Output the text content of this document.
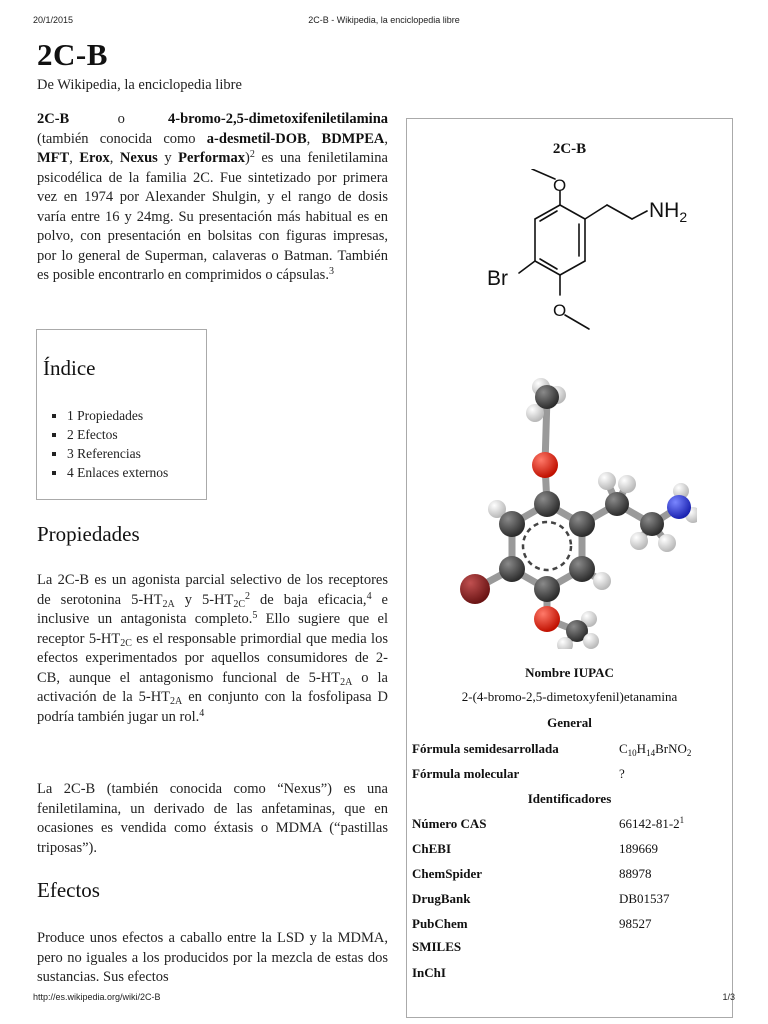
20/1/2015	2C-B - Wikipedia, la enciclopedia libre
2C-B
De Wikipedia, la enciclopedia libre

2C-B	o	4-bromo-2,5-dimetoxifeniletilamina (también conocida como a-desmetil-DOB, BDMPEA, MFT, Erox, Nexus y Performax)$^2$ es una feniletilamina psicodélica de la familia 2C. Fue sintetizado por primera vez en 1974 por Alexander Shulgin, y el rango de dosis varía entre 16 y 24mg. Su presentación más habitual es en polvo, con presentación en bolsitas con figuras impresas, por lo general de Superman, calaveras o Batman. También es posible encontrarlo en comprimidos o cápsulas.$^3$

Índice
1 Propiedades
2 Efectos
3 Referencias
4 Enlaces externos
Propiedades

La 2C-B es un agonista parcial selectivo de los receptores de serotonina $5-HT_{2A}$ y $5-HT_{2C}^2$ de baja eficacia,$^4$ e inclusive un antagonista completo.$^5$ Ello sugiere que el receptor $5-HT_{2C}$ es el responsable primordial que media los efectos experimentados por aquellos consumidores de 2-CB, aunque el antagonismo funcional de $5-HT_{2A}$ o la activación de la $5-HT_{2A}$ en conjunto con la fosfolipasa D podría también jugar un rol.$^4$

La 2C-B (también conocida como “Nexus”) es una feniletilamina, un derivado de las anfetaminas, que en ocasiones es vendida como éxtasis o MDMA (“pastillas triposas”).

Efectos

Produce unos efectos a caballo entre la LSD y la MDMA, pero no iguales a los producidos por la mezcla de estas dos sustancias. Sus efectos

2C-B
O
O
$NH_2$
Br
Nombre IUPAC
2-(4-bromo-2,5-dimetoxyfenil)etanamina
General
Fórmula semidesarrollada	$C_{10}H_{14}BrNO_2$
Fórmula molecular	?
Identificadores
Número CAS	$66142-81-2^1$
ChEBI	189669
ChemSpider	88978
DrugBank	DB01537
PubChem	98527
SMILES
InChI
http://es.wikipedia.org/wiki/2C-B	1/3
